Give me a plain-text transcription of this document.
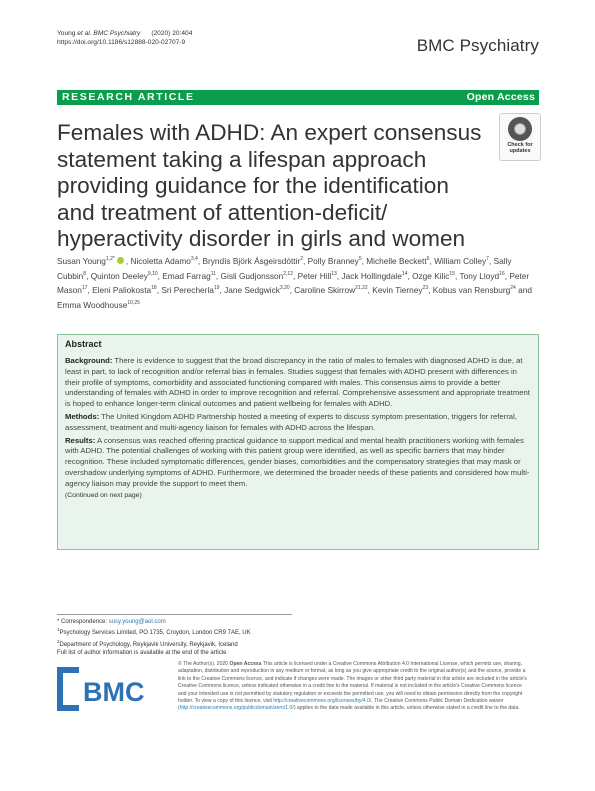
Young et al. BMC Psychiatry      (2020) 20:404
https://doi.org/10.1186/s12888-020-02707-9	BMC Psychiatry
RESEARCH ARTICLE	Open Access
Females with ADHD: An expert consensus statement taking a lifespan approach providing guidance for the identification and treatment of attention-deficit/ hyperactivity disorder in girls and women
Check for
updates
Susan Young$^{1,2*}$ , Nicoletta Adamo$^{3,4}$, Bryndís Björk Ásgeirsdóttir$^2$, Polly Branney$^5$, Michelle Beckett$^6$, William Colley$^7$, Sally Cubbin$^8$, Quinton Deeley$^{9,10}$, Emad Farrag$^{11}$, Gisli Gudjonsson$^{2,12}$, Peter Hill$^{13}$, Jack Hollingdale$^{14}$, Ozge Kilic$^{15}$, Tony Lloyd$^{16}$, Peter Mason$^{17}$, Eleni Paliokosta$^{18}$, Sri Perecherla$^{19}$, Jane Sedgwick$^{3,20}$, Caroline Skirrow$^{21,22}$, Kevin Tierney$^{23}$, Kobus van Rensburg$^{24}$ and Emma Woodhouse$^{10,25}$
Abstract

Background: There is evidence to suggest that the broad discrepancy in the ratio of males to females with diagnosed ADHD is due, at least in part, to lack of recognition and/or referral bias in females. Studies suggest that females with ADHD present with differences in their profile of symptoms, comorbidity and associated functioning compared with males. This consensus aims to provide a better understanding of females with ADHD in order to improve recognition and referral. Comprehensive assessment and appropriate treatment is hoped to enhance longer-term clinical outcomes and patient wellbeing for females with ADHD.

Methods: The United Kingdom ADHD Partnership hosted a meeting of experts to discuss symptom presentation, triggers for referral, assessment, treatment and multi-agency liaison for females with ADHD across the lifespan.

Results: A consensus was reached offering practical guidance to support medical and mental health practitioners working with females with ADHD. The potential challenges of working with this patient group were identified, as well as specific barriers that may hinder recognition. These included symptomatic differences, gender biases, comorbidities and the compensatory strategies that may mask or overshadow underlying symptoms of ADHD. Furthermore, we determined the broader needs of these patients and considered how multi-agency liaison may provide the support to meet them.

(Continued on next page)
* Correspondence: susy.young@aol.com
$^1$Psychology Services Limited, PO 1735, Croydon, London CR9 7AE, UK
$^2$Department of Psychology, Reykjavik University, Reykjavik, Iceland
Full list of author information is available at the end of the article
BMC
© The Author(s). 2020 Open Access This article is licensed under a Creative Commons Attribution 4.0 International License, which permits use, sharing, adaptation, distribution and reproduction in any medium or format, as long as you give appropriate credit to the original author(s) and the source, provide a link to the Creative Commons licence, and indicate if changes were made. The images or other third party material in this article are included in the article's Creative Commons licence, unless indicated otherwise in a credit line to the material. If material is not included in the article's Creative Commons licence and your intended use is not permitted by statutory regulation or exceeds the permitted use, you will need to obtain permission directly from the copyright holder. To view a copy of this licence, visit http://creativecommons.org/licenses/by/4.0/. The Creative Commons Public Domain Dedication waiver (http://creativecommons.org/publicdomain/zero/1.0/) applies to the data made available in this article, unless otherwise stated in a credit line to the data.
